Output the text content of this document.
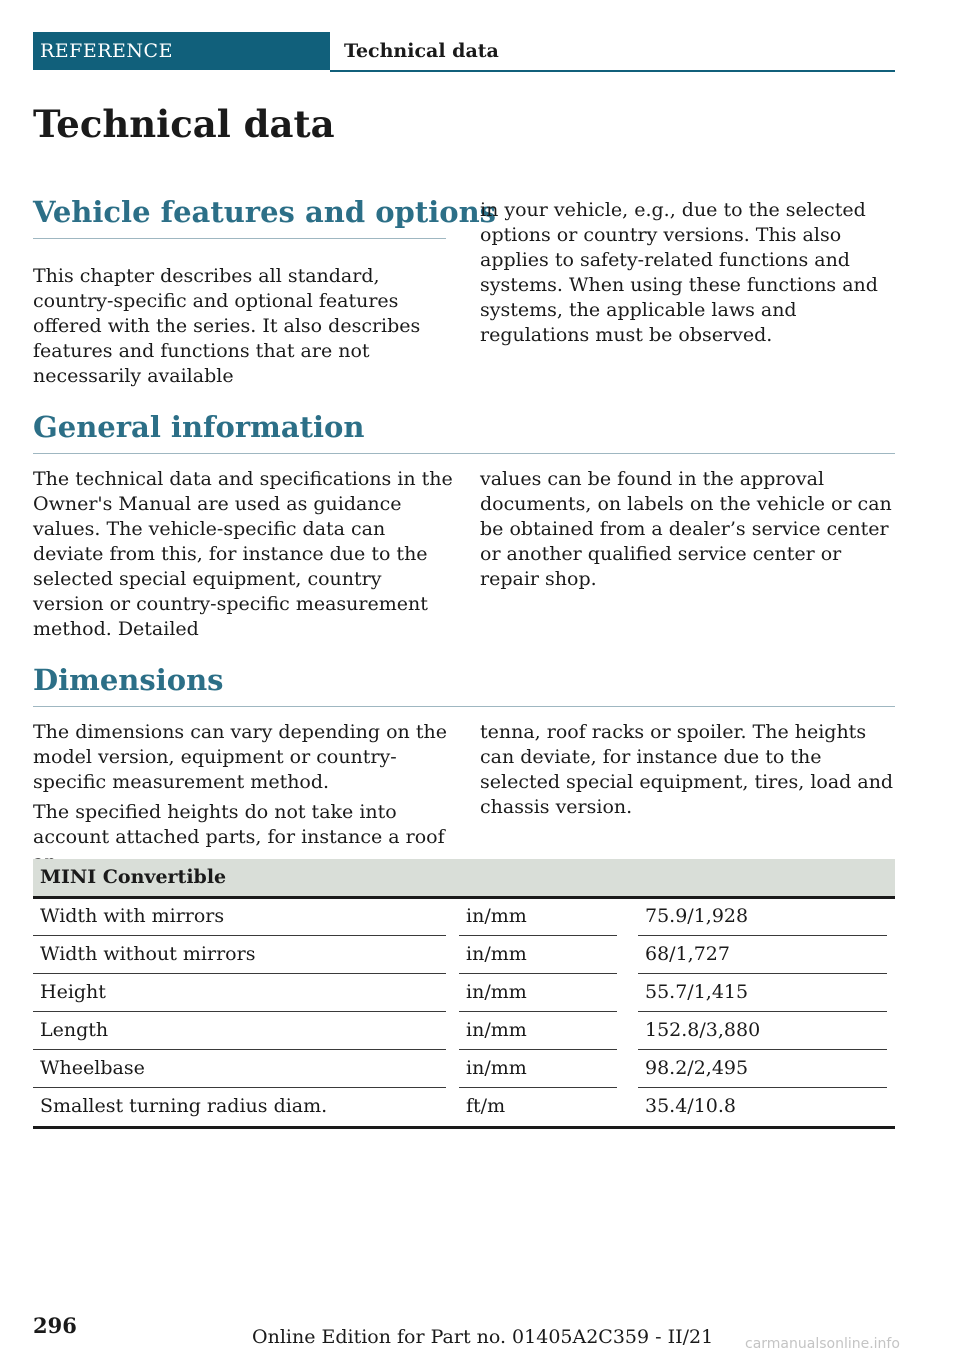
REFERENCE	Technical data
Technical data
Vehicle features and options

This chapter describes all standard, country-specific and optional features offered with the series. It also describes features and functions that are not necessarily available

in your vehicle, e.g., due to the selected options or country versions. This also applies to safety-related functions and systems. When using these functions and systems, the applicable laws and regulations must be observed.

General information

The technical data and specifications in the Owner's Manual are used as guidance values. The vehicle-specific data can deviate from this, for instance due to the selected special equipment, country version or country-specific measurement method. Detailed

values can be found in the approval documents, on labels on the vehicle or can be obtained from a dealer’s service center or another qualified service center or repair shop.

Dimensions

The dimensions can vary depending on the model version, equipment or country-specific measurement method.

The specified heights do not take into account attached parts, for instance a roof

tenna, roof racks or spoiler. The heights can deviate, for instance due to the selected special equipment, tires, load and chassis version.

MINI Convertible
Width with mirrors	in/mm	75.9/1,928
Width without mirrors	in/mm	68/1,727
Height	in/mm	55.7/1,415
Length	in/mm	152.8/3,880
Wheelbase	in/mm	98.2/2,495
Smallest turning radius diam.	ft/m	35.4/10.8
296	Online Edition for Part no. 01405A2C359 - II/21 carmanualsonline.info
